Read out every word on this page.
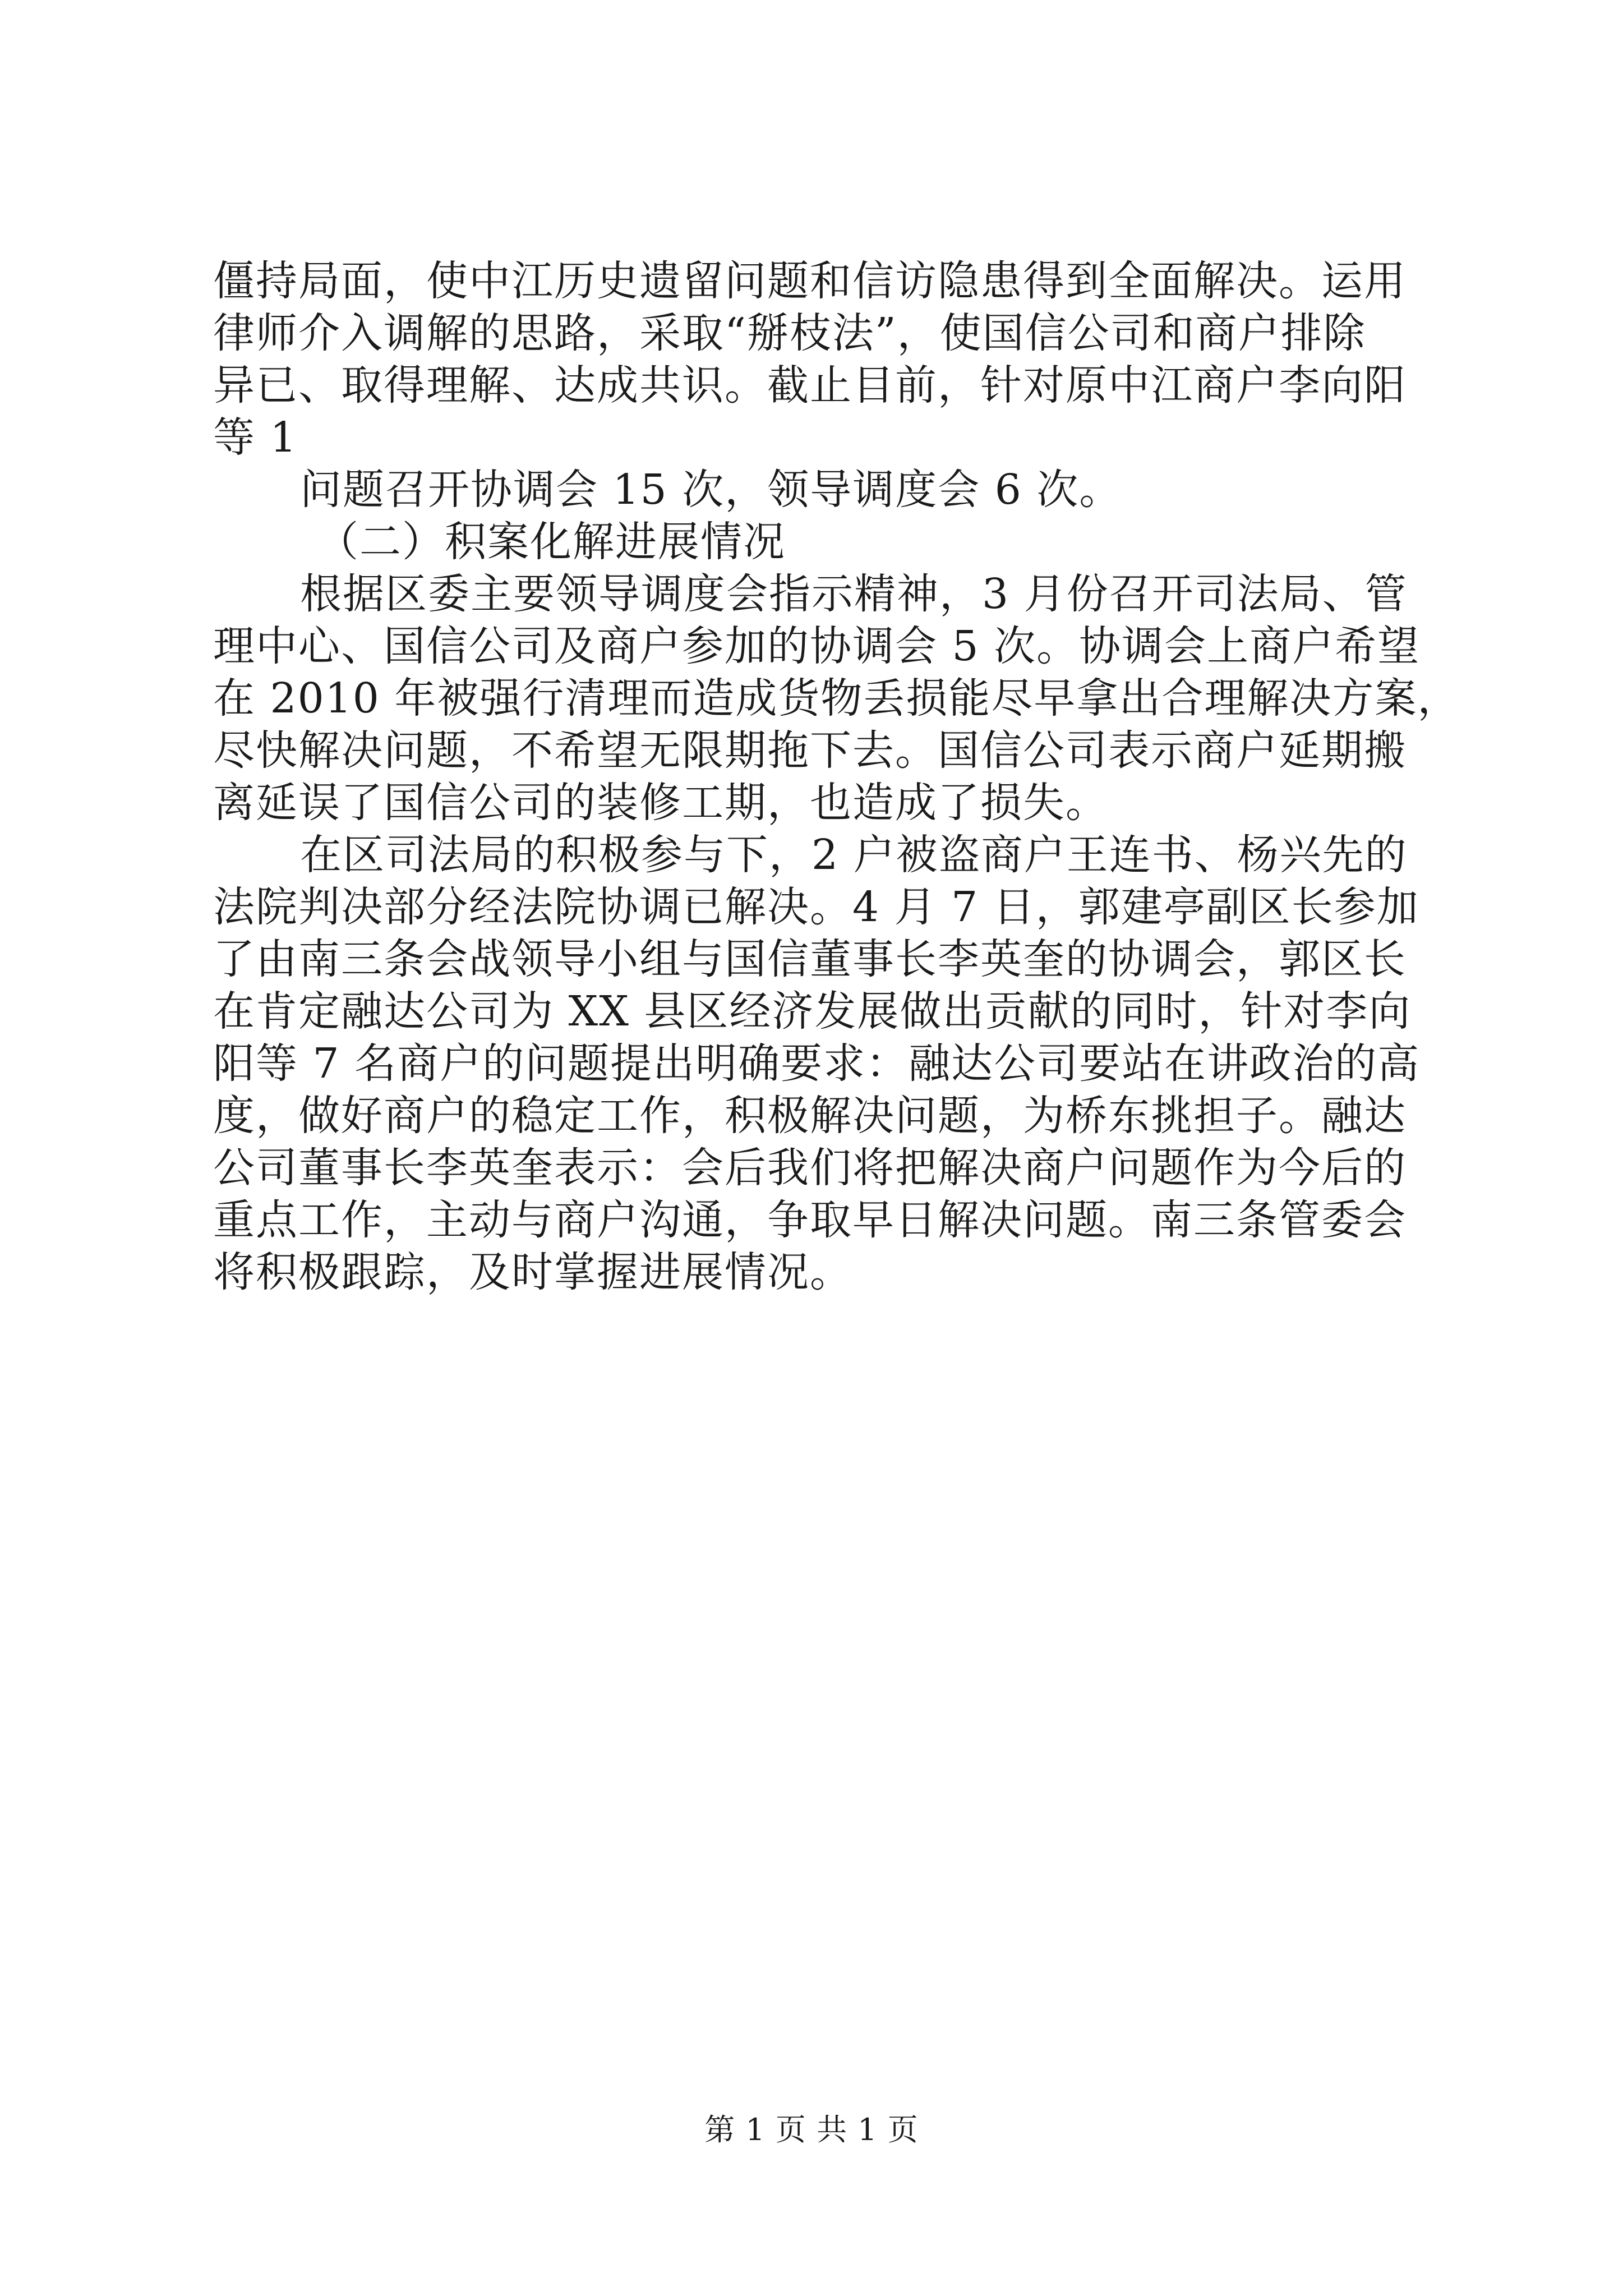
僵持局面，使中江历史遗留问题和信访隐患得到全面解决。运用
律师介入调解的思路，采取“掰枝法”，使国信公司和商户排除
异已、取得理解、达成共识。截止目前，针对原中江商户李向阳
等 1
问题召开协调会 15 次，领导调度会 6 次。
（二）积案化解进展情况
根据区委主要领导调度会指示精神，3 月份召开司法局、管
理中心、国信公司及商户参加的协调会 5 次。协调会上商户希望
在 2010 年被强行清理而造成货物丢损能尽早拿出合理解决方案，
尽快解决问题，不希望无限期拖下去。国信公司表示商户延期搬
离延误了国信公司的装修工期，也造成了损失。
在区司法局的积极参与下，2 户被盗商户王连书、杨兴先的
法院判决部分经法院协调已解决。4 月 7 日，郭建亭副区长参加
了由南三条会战领导小组与国信董事长李英奎的协调会，郭区长
在肯定融达公司为 XX 县区经济发展做出贡献的同时，针对李向
阳等 7 名商户的问题提出明确要求：融达公司要站在讲政治的高
度，做好商户的稳定工作，积极解决问题，为桥东挑担子。融达
公司董事长李英奎表示：会后我们将把解决商户问题作为今后的
重点工作，主动与商户沟通，争取早日解决问题。南三条管委会
将积极跟踪，及时掌握进展情况。
第 1 页 共 1 页
